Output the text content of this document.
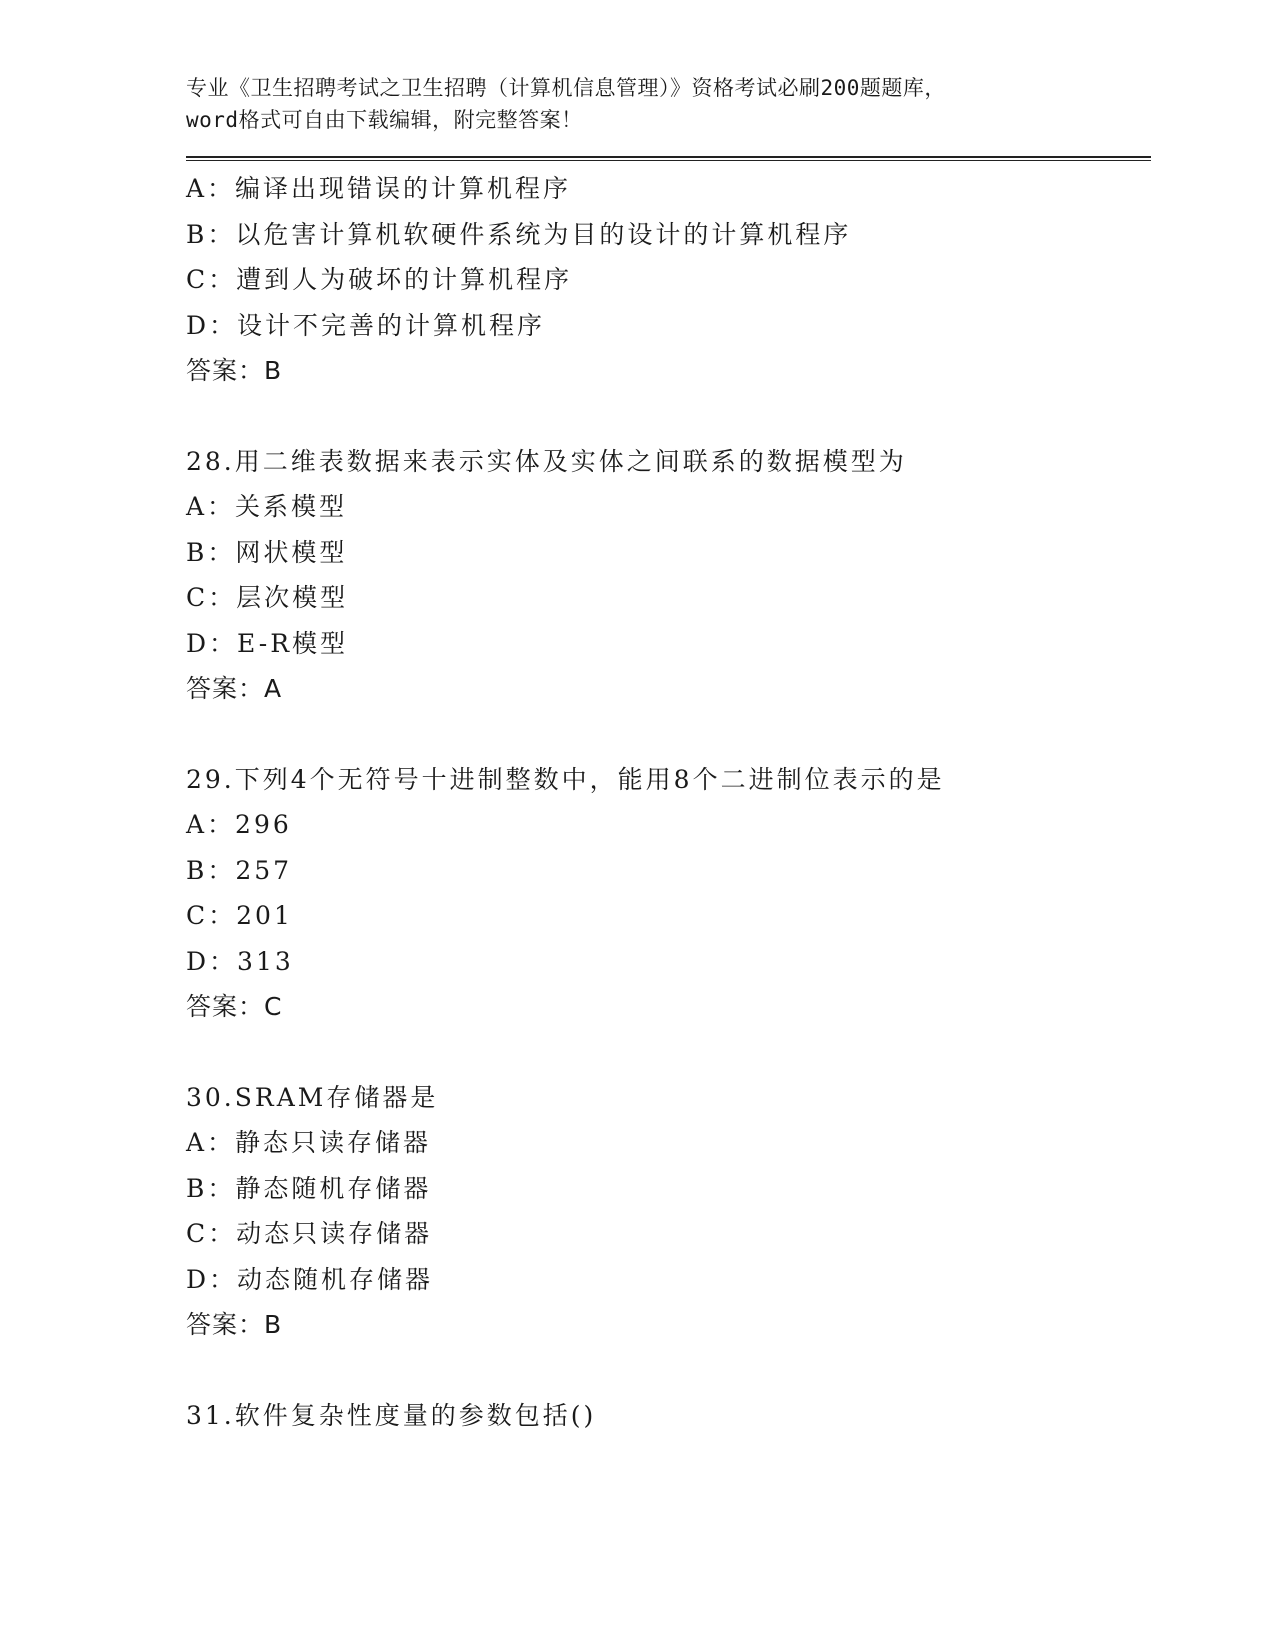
专业《卫生招聘考试之卫生招聘（计算机信息管理）》资格考试必刷200题题库，
word格式可自由下载编辑，附完整答案！
A：编译出现错误的计算机程序
B：以危害计算机软硬件系统为目的设计的计算机程序
C：遭到人为破坏的计算机程序
D：设计不完善的计算机程序
答案：B
28.用二维表数据来表示实体及实体之间联系的数据模型为
A：关系模型
B：网状模型
C：层次模型
D：E-R模型
答案：A
29.下列4个无符号十进制整数中，能用8个二进制位表示的是
A：296
B：257
C：201
D：313
答案：C
30.SRAM存储器是
A：静态只读存储器
B：静态随机存储器
C：动态只读存储器
D：动态随机存储器
答案：B
31.软件复杂性度量的参数包括()
